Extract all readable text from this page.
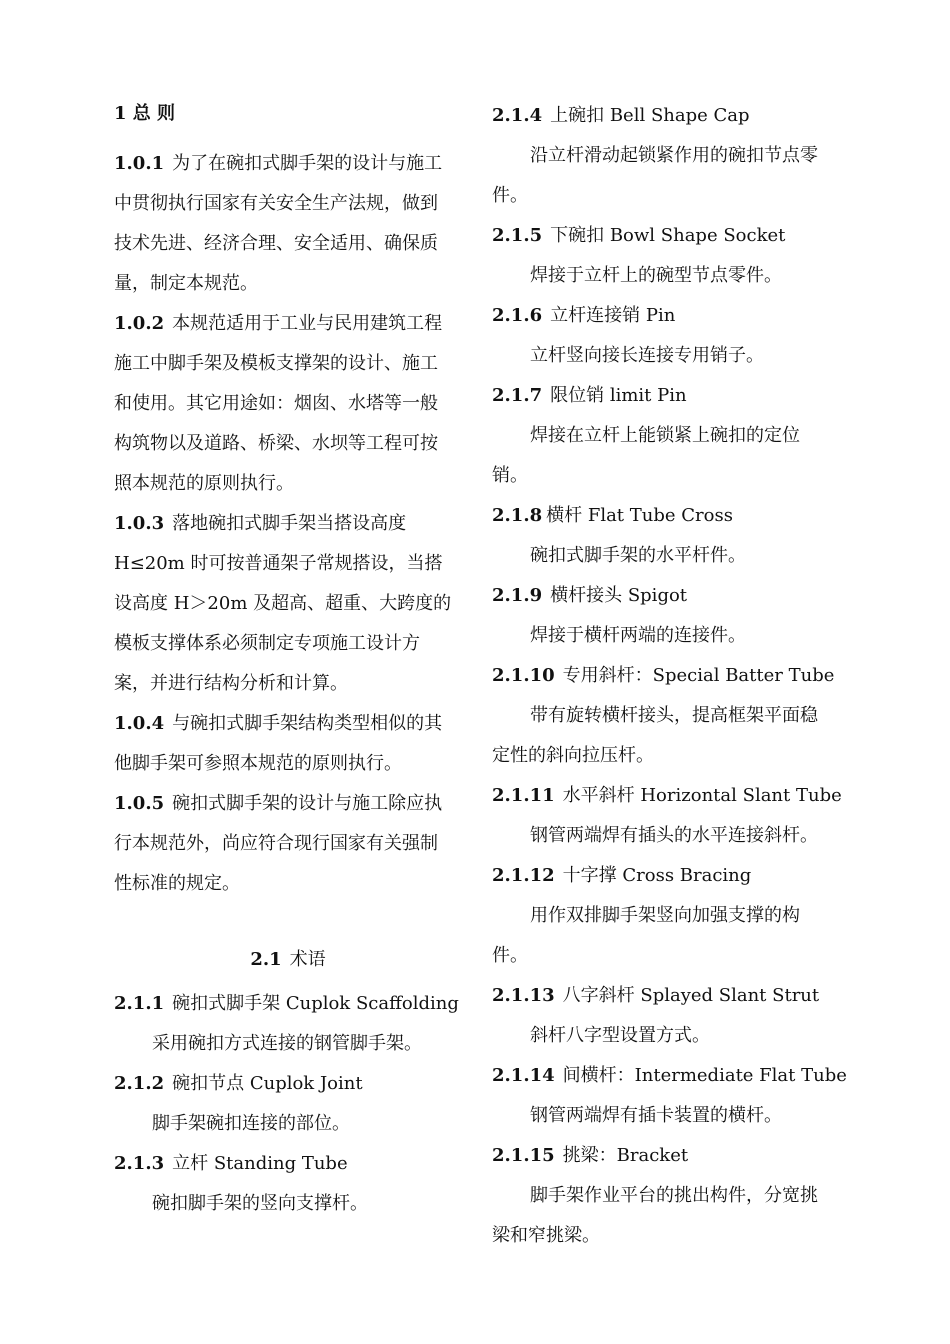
1 总 则
1.0.1 为了在碗扣式脚手架的设计与施工
中贯彻执行国家有关安全生产法规，做到
技术先进、经济合理、安全适用、确保质
量，制定本规范。
1.0.2 本规范适用于工业与民用建筑工程
施工中脚手架及模板支撑架的设计、施工
和使用。其它用途如：烟囱、水塔等一般
构筑物以及道路、桥梁、水坝等工程可按
照本规范的原则执行。
1.0.3 落地碗扣式脚手架当搭设高度
H≤20m 时可按普通架子常规搭设，当搭
设高度 H＞20m 及超高、超重、大跨度的
模板支撑体系必须制定专项施工设计方
案，并进行结构分析和计算。
1.0.4 与碗扣式脚手架结构类型相似的其
他脚手架可参照本规范的原则执行。
1.0.5 碗扣式脚手架的设计与施工除应执
行本规范外，尚应符合现行国家有关强制
性标准的规定。
2.1 术语
2.1.1 碗扣式脚手架 Cuplok Scaffolding
采用碗扣方式连接的钢管脚手架。
2.1.2 碗扣节点 Cuplok Joint
脚手架碗扣连接的部位。
2.1.3 立杆 Standing Tube
碗扣脚手架的竖向支撑杆。
2.1.4 上碗扣 Bell Shape Cap
沿立杆滑动起锁紧作用的碗扣节点零
件。
2.1.5 下碗扣 Bowl Shape Socket
焊接于立杆上的碗型节点零件。
2.1.6 立杆连接销 Pin
立杆竖向接长连接专用销子。
2.1.7 限位销 limit Pin
焊接在立杆上能锁紧上碗扣的定位
销。
2.1.8 横杆 Flat Tube Cross
碗扣式脚手架的水平杆件。
2.1.9 横杆接头 Spigot
焊接于横杆两端的连接件。
2.1.10 专用斜杆：Special Batter Tube
带有旋转横杆接头，提高框架平面稳
定性的斜向拉压杆。
2.1.11 水平斜杆 Horizontal Slant Tube
钢管两端焊有插头的水平连接斜杆。
2.1.12 十字撑 Cross Bracing
用作双排脚手架竖向加强支撑的构
件。
2.1.13 八字斜杆 Splayed Slant Strut
斜杆八字型设置方式。
2.1.14 间横杆：Intermediate Flat Tube
钢管两端焊有插卡装置的横杆。
2.1.15 挑梁：Bracket
脚手架作业平台的挑出构件，分宽挑
梁和窄挑梁。
